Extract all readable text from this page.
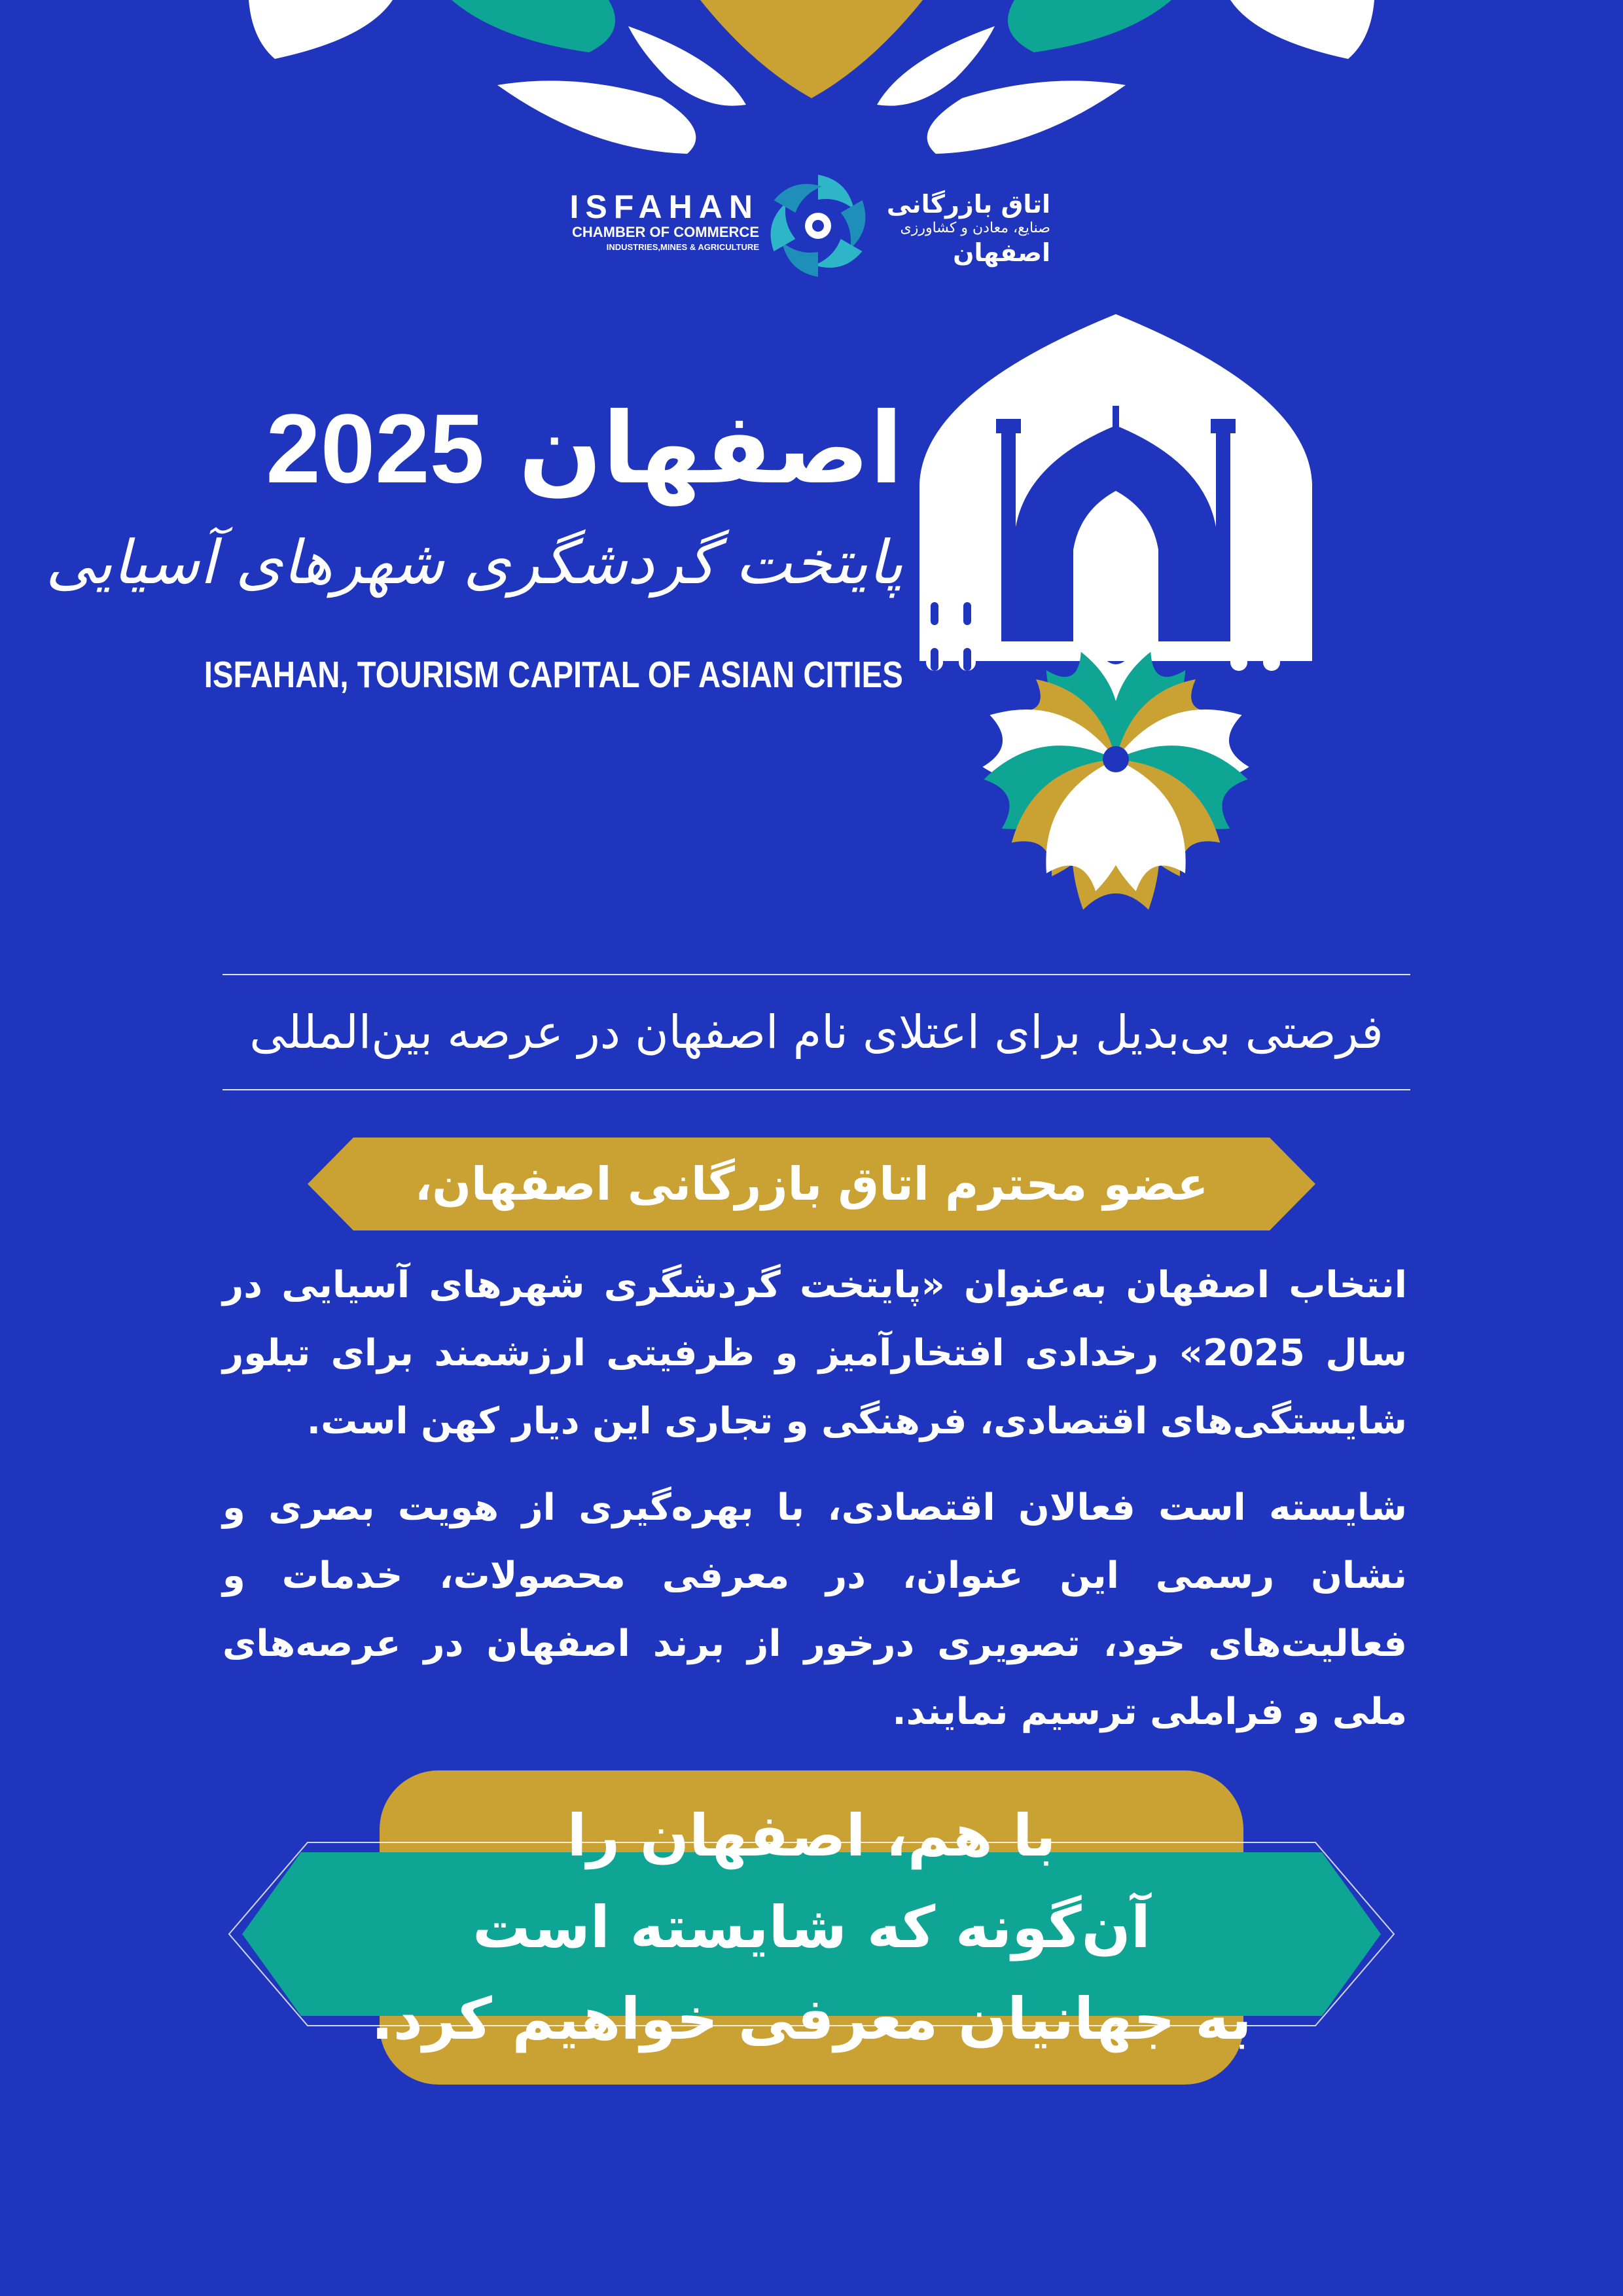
ISFAHAN
CHAMBER OF COMMERCE
INDUSTRIES,MINES & AGRICULTURE
اتاق بازرگانی
صنایع، معادن و کشاورزی
اصفهان
اصفهان 2025
پایتخت گردشگری شهرهای آسیایی
ISFAHAN, TOURISM CAPITAL OF ASIAN CITIES
فرصتی بی‌بدیل برای اعتلای نام اصفهان در عرصه بین‌المللی
عضو محترم اتاق بازرگانی اصفهان،
انتخاب اصفهان به‌عنوان «پایتخت گردشگری شهرهای آسیایی در سال 2025» رخدادی افتخارآمیز و ظرفیتی ارزشمند برای تبلور شایستگی‌های اقتصادی، فرهنگی و تجاری این دیار کهن است.
شایسته است فعالان اقتصادی، با بهره‌گیری از هویت بصری و نشان رسمی این عنوان، در معرفی محصولات، خدمات و فعالیت‌های خود، تصویری درخور از برند اصفهان در عرصه‌های ملی و فراملی ترسیم نمایند.
با هم، اصفهان را
آن‌گونه که شایسته است
به جهانیان معرفی خواهیم کرد.
